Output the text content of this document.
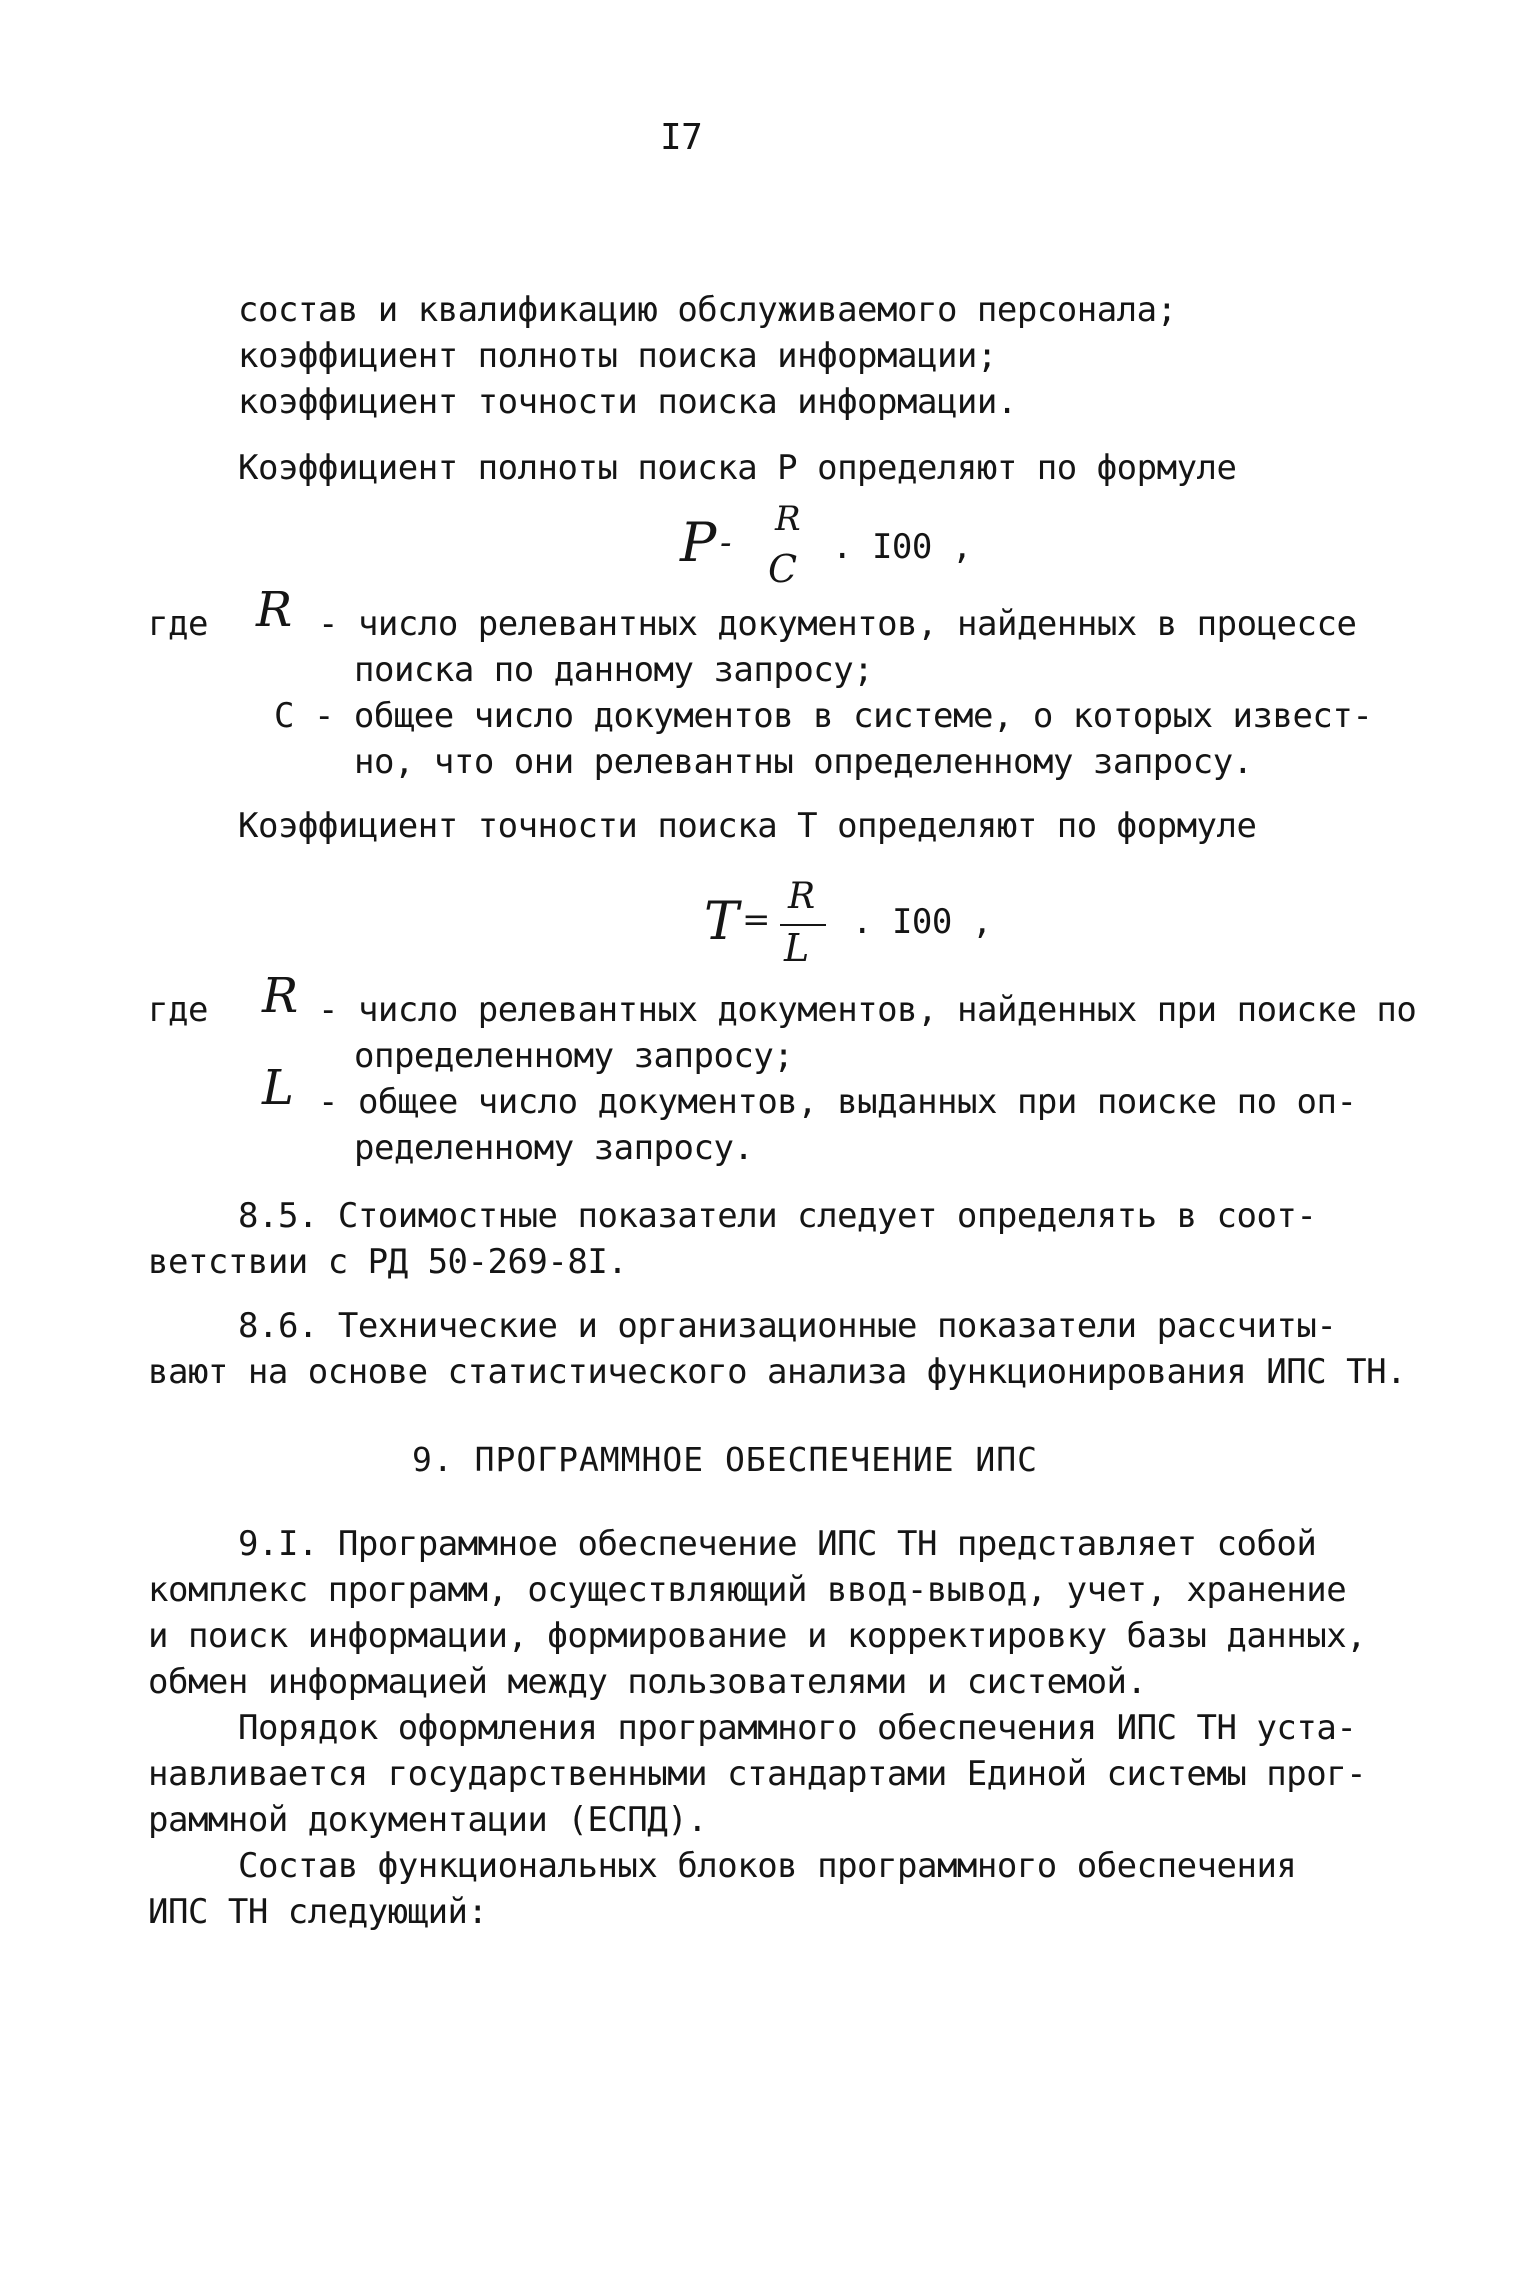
I7
состав и квалификацию обслуживаемого персонала;
коэффициент полноты поиска информации;
коэффициент точности поиска информации.
Коэффициент полноты поиска Р определяют по формуле
P -
R
C . I00 ,
где R - число релевантных документов, найденных в процессе
поиска по данному запросу;
С - общее число документов в системе, о которых извест-
но, что они релевантны определенному запросу.
Коэффициент точности поиска Т определяют по формуле
T =
R
L
. I00 ,
где R - число релевантных документов, найденных при поиске по
определенному запросу;
L - общее число документов, выданных при поиске по оп-
ределенному запросу.
8.5. Стоимостные показатели следует определять в соот-
ветствии с РД 50-269-8I.
8.6. Технические и организационные показатели рассчиты-
вают на основе статистического анализа функционирования ИПС ТН.
9. ПРОГРАММНОЕ ОБЕСПЕЧЕНИЕ ИПС
9.I. Программное обеспечение ИПС ТН представляет собой
комплекс программ, осуществляющий ввод-вывод, учет, хранение
и поиск информации, формирование и корректировку базы данных,
обмен информацией между пользователями и системой.
Порядок оформления программного обеспечения ИПС ТН уста-
навливается государственными стандартами Единой системы прог-
раммной документации (ЕСПД).
Состав функциональных блоков программного обеспечения
ИПС ТН следующий:
